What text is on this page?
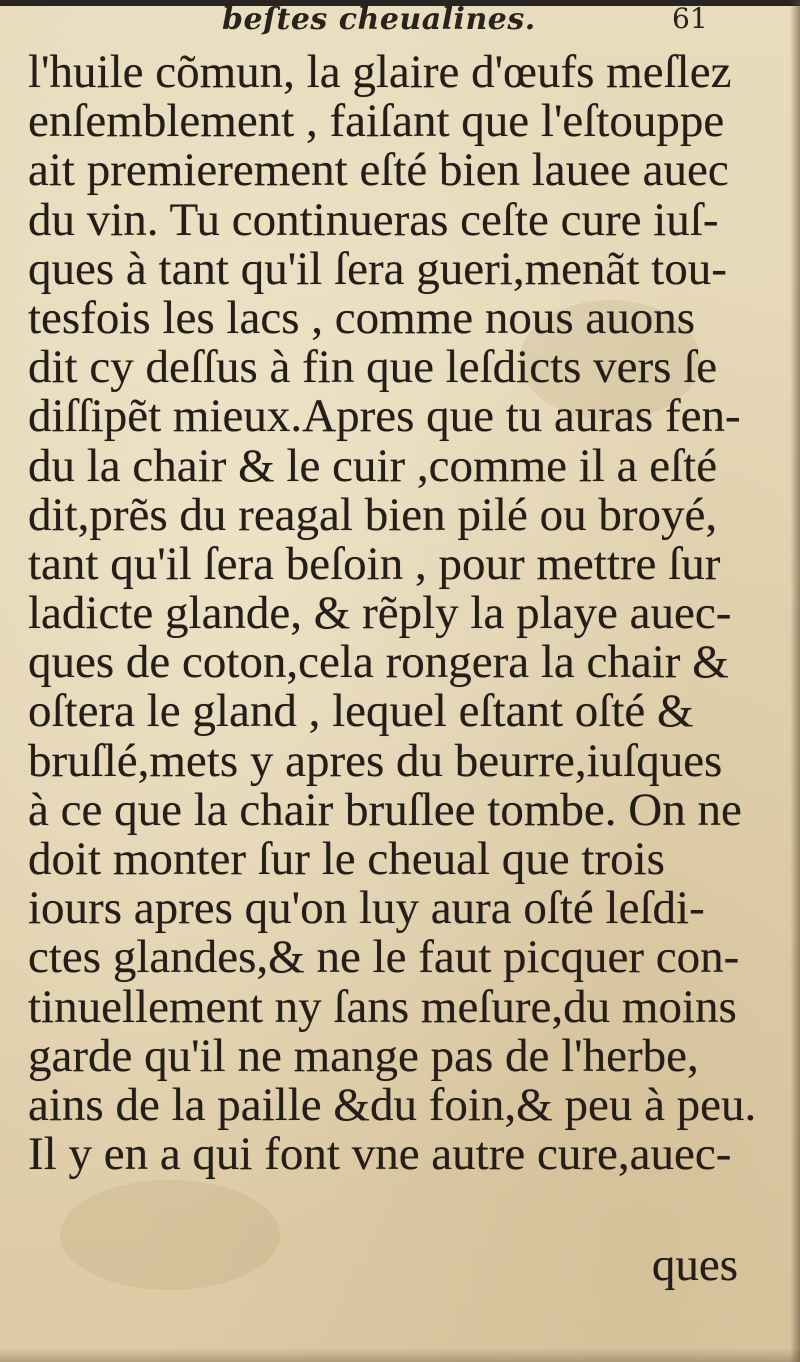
beſtes cheualines.	61
l'huile cõmun, la glaire d'œufs meſlez
enſemblement , faiſant que l'eſtouppe
ait premierement eſté bien lauee auec
du vin. Tu continueras ceſte cure iuſ-
ques à tant qu'il ſera gueri,menãt tou-
tesfois les lacs , comme nous auons
dit cy deſſus à fin que leſdicts vers ſe
diſſipẽt mieux.Apres que tu auras fen-
du la chair & le cuir ,comme il a eſté
dit,prẽs du reagal bien pilé ou broyé,
tant qu'il ſera beſoin , pour mettre ſur
ladicte glande, & rẽply la playe auec-
ques de coton,cela rongera la chair &
oſtera le gland , lequel eſtant oſté &
bruſlé,mets y apres du beurre,iuſques
à ce que la chair bruſlee tombe. On ne
doit monter ſur le cheual que trois
iours apres qu'on luy aura oſté leſdi-
ctes glandes,& ne le faut picquer con-
tinuellement ny ſans meſure,du moins
garde qu'il ne mange pas de l'herbe,
ains de la paille &du foin,& peu à peu.
Il y en a qui font vne autre cure,auec-
ques
